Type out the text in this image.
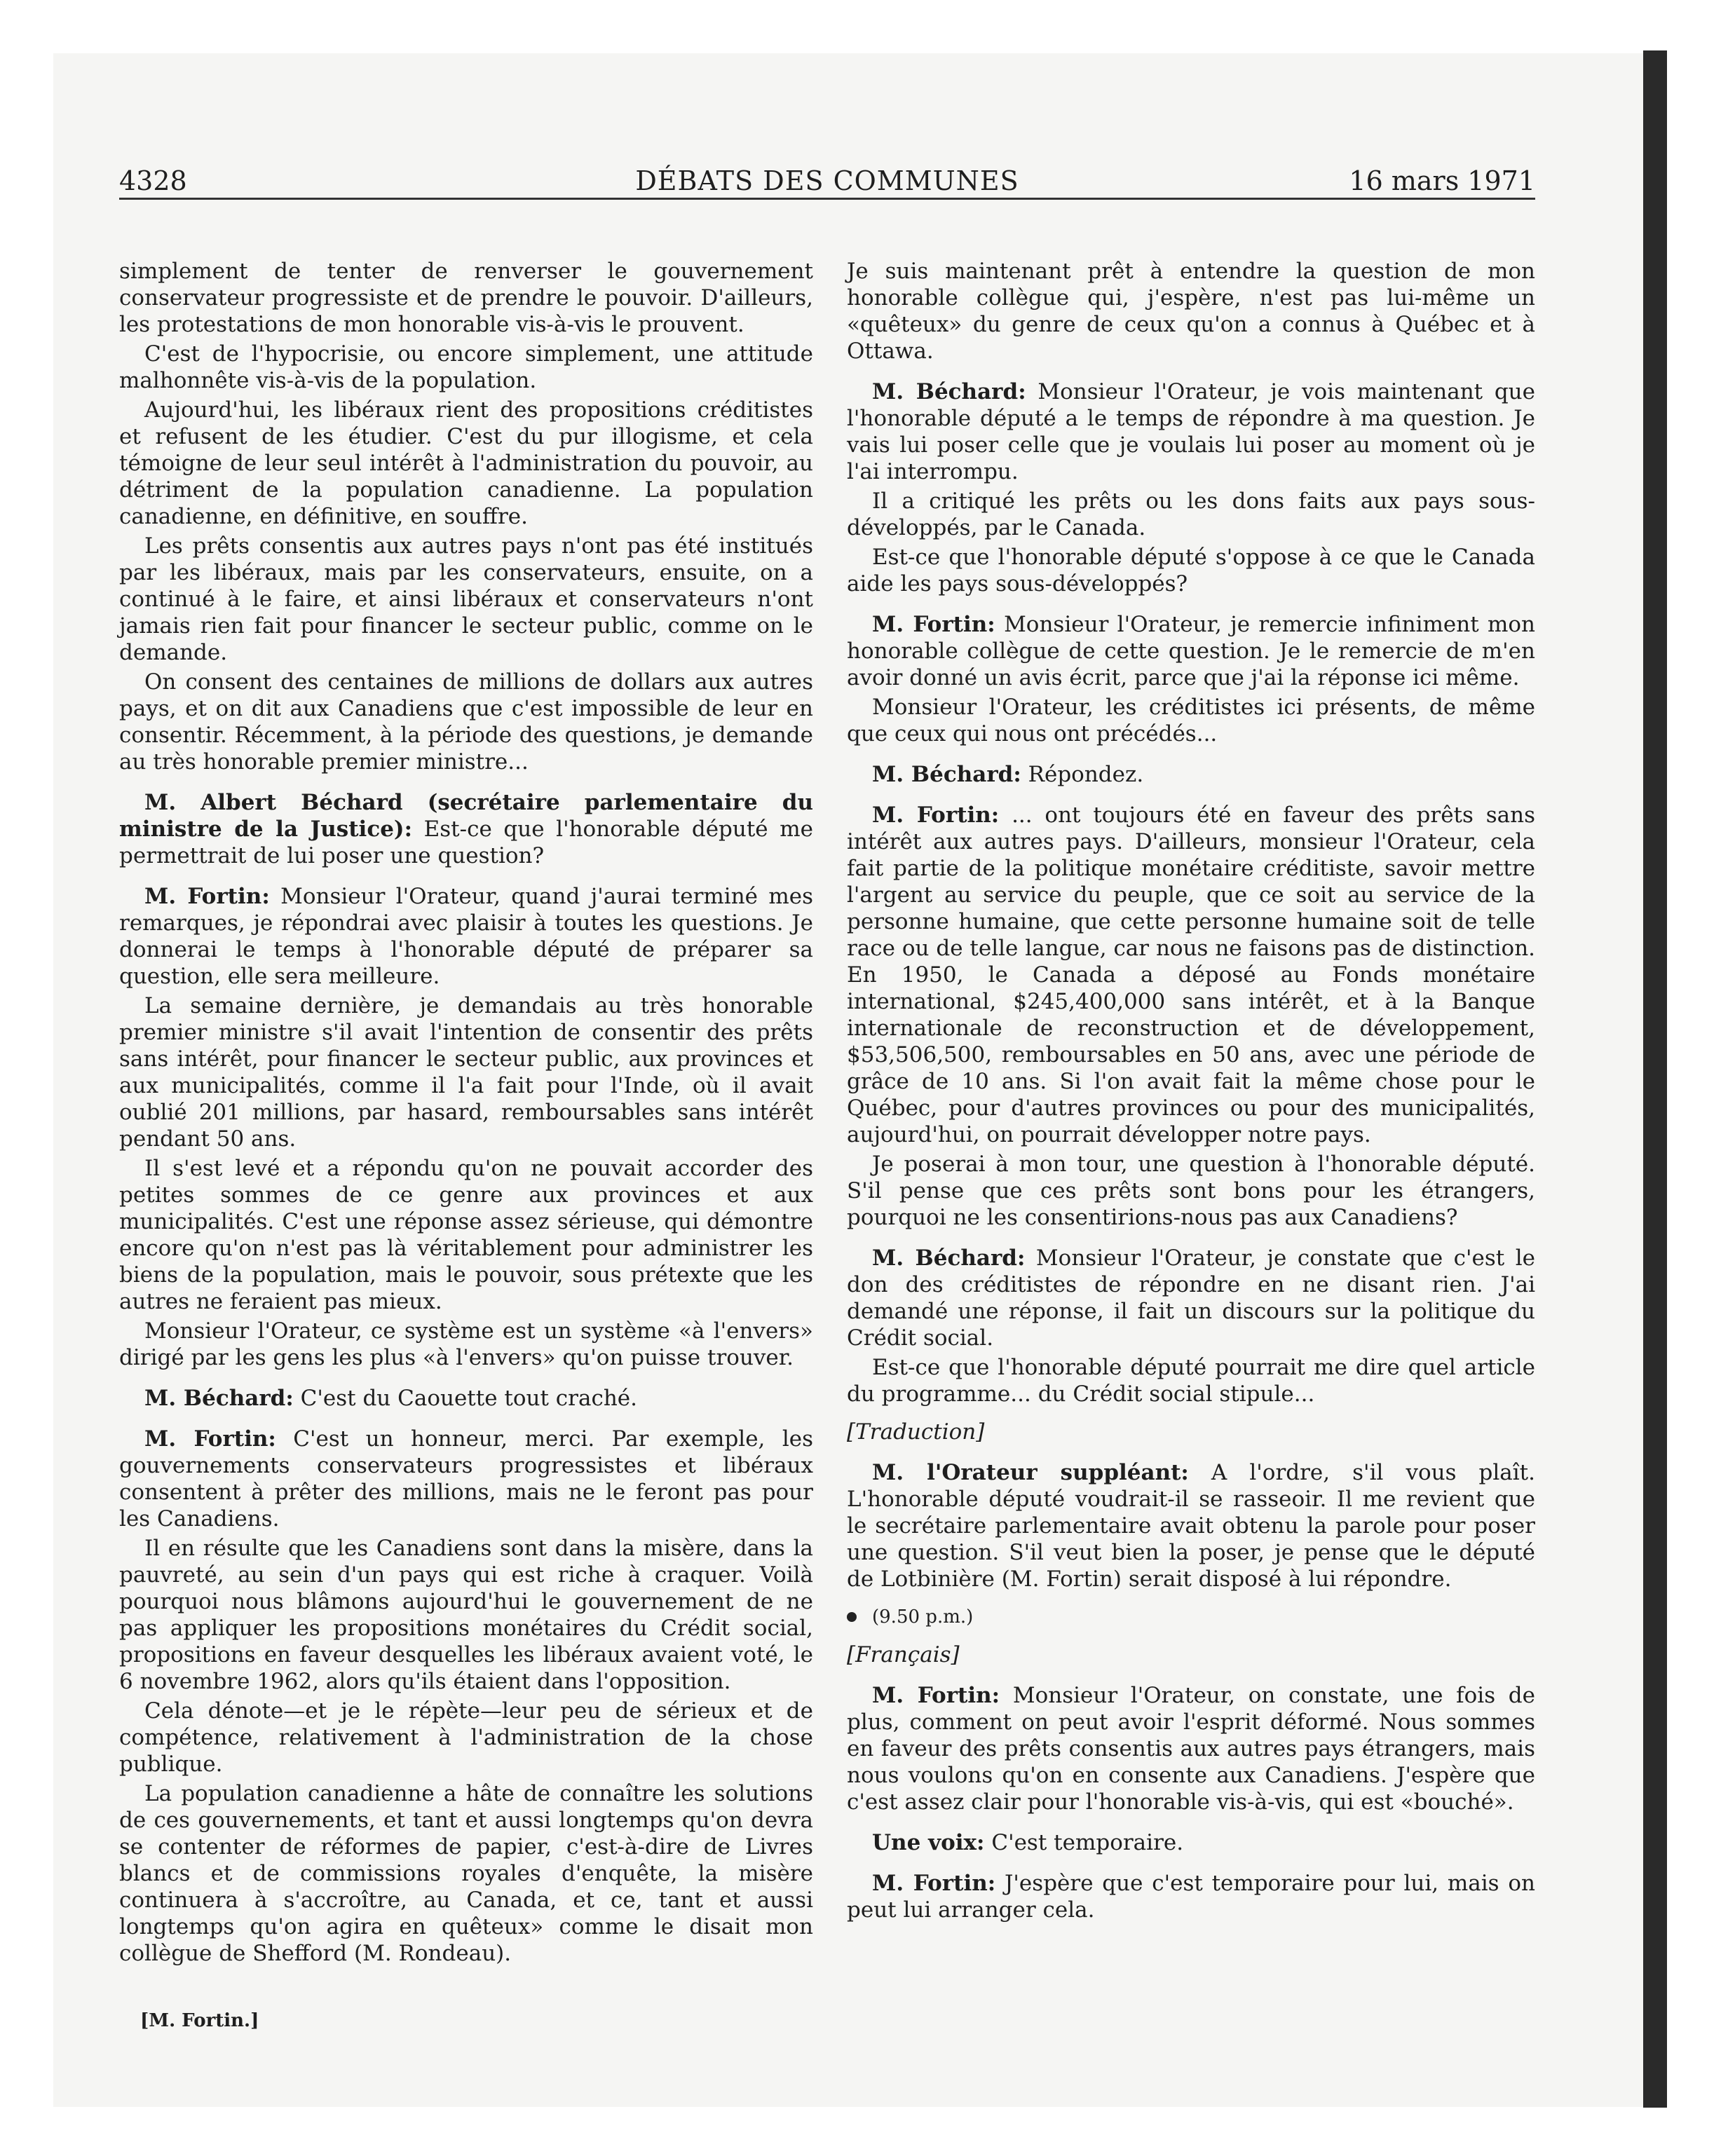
4328	DÉBATS DES COMMUNES	16 mars 1971

simplement de tenter de renverser le gouvernement conservateur progressiste et de prendre le pouvoir. D'ailleurs, les protestations de mon honorable vis-à-vis le prouvent.

C'est de l'hypocrisie, ou encore simplement, une attitude malhonnête vis-à-vis de la population.

Aujourd'hui, les libéraux rient des propositions créditistes et refusent de les étudier. C'est du pur illogisme, et cela témoigne de leur seul intérêt à l'administration du pouvoir, au détriment de la population canadienne. La population canadienne, en définitive, en souffre.

Les prêts consentis aux autres pays n'ont pas été institués par les libéraux, mais par les conservateurs, ensuite, on a continué à le faire, et ainsi libéraux et conservateurs n'ont jamais rien fait pour financer le secteur public, comme on le demande.

On consent des centaines de millions de dollars aux autres pays, et on dit aux Canadiens que c'est impossible de leur en consentir. Récemment, à la période des questions, je demande au très honorable premier ministre...

M. Albert Béchard (secrétaire parlementaire du ministre de la Justice): Est-ce que l'honorable député me permettrait de lui poser une question?

M. Fortin: Monsieur l'Orateur, quand j'aurai terminé mes remarques, je répondrai avec plaisir à toutes les questions. Je donnerai le temps à l'honorable député de préparer sa question, elle sera meilleure.

La semaine dernière, je demandais au très honorable premier ministre s'il avait l'intention de consentir des prêts sans intérêt, pour financer le secteur public, aux provinces et aux municipalités, comme il l'a fait pour l'Inde, où il avait oublié 201 millions, par hasard, remboursables sans intérêt pendant 50 ans.

Il s'est levé et a répondu qu'on ne pouvait accorder des petites sommes de ce genre aux provinces et aux municipalités. C'est une réponse assez sérieuse, qui démontre encore qu'on n'est pas là véritablement pour administrer les biens de la population, mais le pouvoir, sous prétexte que les autres ne feraient pas mieux.

Monsieur l'Orateur, ce système est un système «à l'envers» dirigé par les gens les plus «à l'envers» qu'on puisse trouver.

M. Béchard: C'est du Caouette tout craché.

M. Fortin: C'est un honneur, merci. Par exemple, les gouvernements conservateurs progressistes et libéraux consentent à prêter des millions, mais ne le feront pas pour les Canadiens.

Il en résulte que les Canadiens sont dans la misère, dans la pauvreté, au sein d'un pays qui est riche à craquer. Voilà pourquoi nous blâmons aujourd'hui le gouvernement de ne pas appliquer les propositions monétaires du Crédit social, propositions en faveur desquelles les libéraux avaient voté, le 6 novembre 1962, alors qu'ils étaient dans l'opposition.

Cela dénote—et je le répète—leur peu de sérieux et de compétence, relativement à l'administration de la chose publique.

La population canadienne a hâte de connaître les solutions de ces gouvernements, et tant et aussi longtemps qu'on devra se contenter de réformes de papier, c'est-à-dire de Livres blancs et de commissions royales d'enquête, la misère continuera à s'accroître, au Canada, et ce, tant et aussi longtemps qu'on agira en quêteux» comme le disait mon collègue de Shefford (M. Rondeau).

Je suis maintenant prêt à entendre la question de mon honorable collègue qui, j'espère, n'est pas lui-même un «quêteux» du genre de ceux qu'on a connus à Québec et à Ottawa.

M. Béchard: Monsieur l'Orateur, je vois maintenant que l'honorable député a le temps de répondre à ma question. Je vais lui poser celle que je voulais lui poser au moment où je l'ai interrompu.

Il a critiqué les prêts ou les dons faits aux pays sous-développés, par le Canada.

Est-ce que l'honorable député s'oppose à ce que le Canada aide les pays sous-développés?

M. Fortin: Monsieur l'Orateur, je remercie infiniment mon honorable collègue de cette question. Je le remercie de m'en avoir donné un avis écrit, parce que j'ai la réponse ici même.

Monsieur l'Orateur, les créditistes ici présents, de même que ceux qui nous ont précédés...

M. Béchard: Répondez.

M. Fortin: ... ont toujours été en faveur des prêts sans intérêt aux autres pays. D'ailleurs, monsieur l'Orateur, cela fait partie de la politique monétaire créditiste, savoir mettre l'argent au service du peuple, que ce soit au service de la personne humaine, que cette personne humaine soit de telle race ou de telle langue, car nous ne faisons pas de distinction. En 1950, le Canada a déposé au Fonds monétaire international, $245,400,000 sans intérêt, et à la Banque internationale de reconstruction et de développement, $53,506,500, remboursables en 50 ans, avec une période de grâce de 10 ans. Si l'on avait fait la même chose pour le Québec, pour d'autres provinces ou pour des municipalités, aujourd'hui, on pourrait développer notre pays.

Je poserai à mon tour, une question à l'honorable député. S'il pense que ces prêts sont bons pour les étrangers, pourquoi ne les consentirions-nous pas aux Canadiens?

M. Béchard: Monsieur l'Orateur, je constate que c'est le don des créditistes de répondre en ne disant rien. J'ai demandé une réponse, il fait un discours sur la politique du Crédit social.

Est-ce que l'honorable député pourrait me dire quel article du programme... du Crédit social stipule...

[Traduction]

M. l'Orateur suppléant: A l'ordre, s'il vous plaît. L'honorable député voudrait-il se rasseoir. Il me revient que le secrétaire parlementaire avait obtenu la parole pour poser une question. S'il veut bien la poser, je pense que le député de Lotbinière (M. Fortin) serait disposé à lui répondre.

(9.50 p.m.)

[Français]

M. Fortin: Monsieur l'Orateur, on constate, une fois de plus, comment on peut avoir l'esprit déformé. Nous sommes en faveur des prêts consentis aux autres pays étrangers, mais nous voulons qu'on en consente aux Canadiens. J'espère que c'est assez clair pour l'honorable vis-à-vis, qui est «bouché».

Une voix: C'est temporaire.

M. Fortin: J'espère que c'est temporaire pour lui, mais on peut lui arranger cela.

[M. Fortin.]
